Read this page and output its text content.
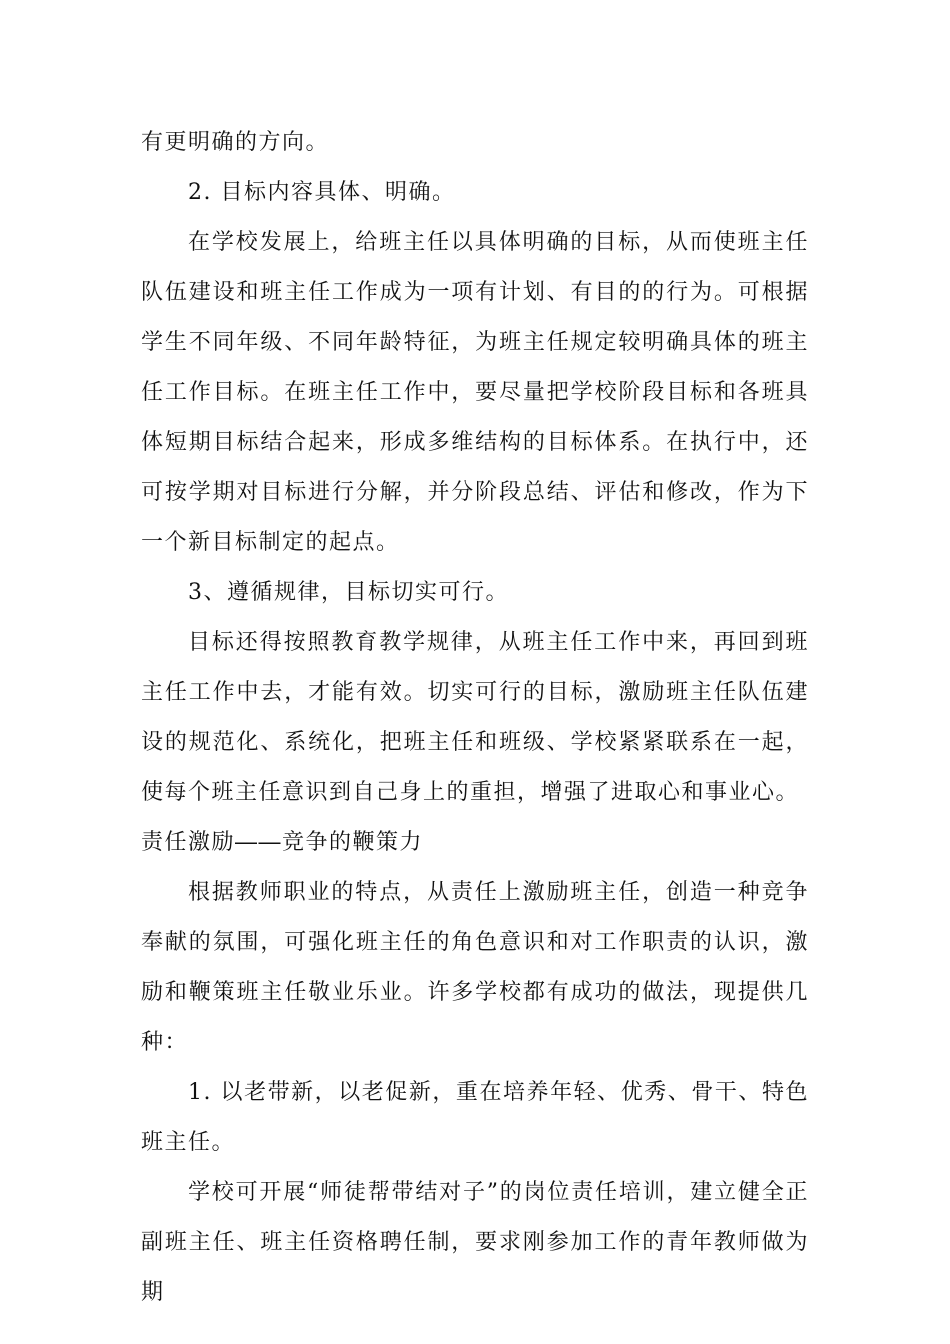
有更明确的方向。

2. 目标内容具体、明确。

在学校发展上，给班主任以具体明确的目标，从而使班主任队伍建设和班主任工作成为一项有计划、有目的的行为。可根据学生不同年级、不同年龄特征，为班主任规定较明确具体的班主任工作目标。在班主任工作中，要尽量把学校阶段目标和各班具体短期目标结合起来，形成多维结构的目标体系。在执行中，还可按学期对目标进行分解，并分阶段总结、评估和修改，作为下一个新目标制定的起点。

3、遵循规律，目标切实可行。

目标还得按照教育教学规律，从班主任工作中来，再回到班主任工作中去，才能有效。切实可行的目标，激励班主任队伍建设的规范化、系统化，把班主任和班级、学校紧紧联系在一起，使每个班主任意识到自己身上的重担，增强了进取心和事业心。

责任激励――竞争的鞭策力

根据教师职业的特点，从责任上激励班主任，创造一种竞争奉献的氛围，可强化班主任的角色意识和对工作职责的认识，激励和鞭策班主任敬业乐业。许多学校都有成功的做法，现提供几种：

1. 以老带新，以老促新，重在培养年轻、优秀、骨干、特色班主任。

学校可开展“师徒帮带结对子”的岗位责任培训，建立健全正副班主任、班主任资格聘任制，要求刚参加工作的青年教师做为期
